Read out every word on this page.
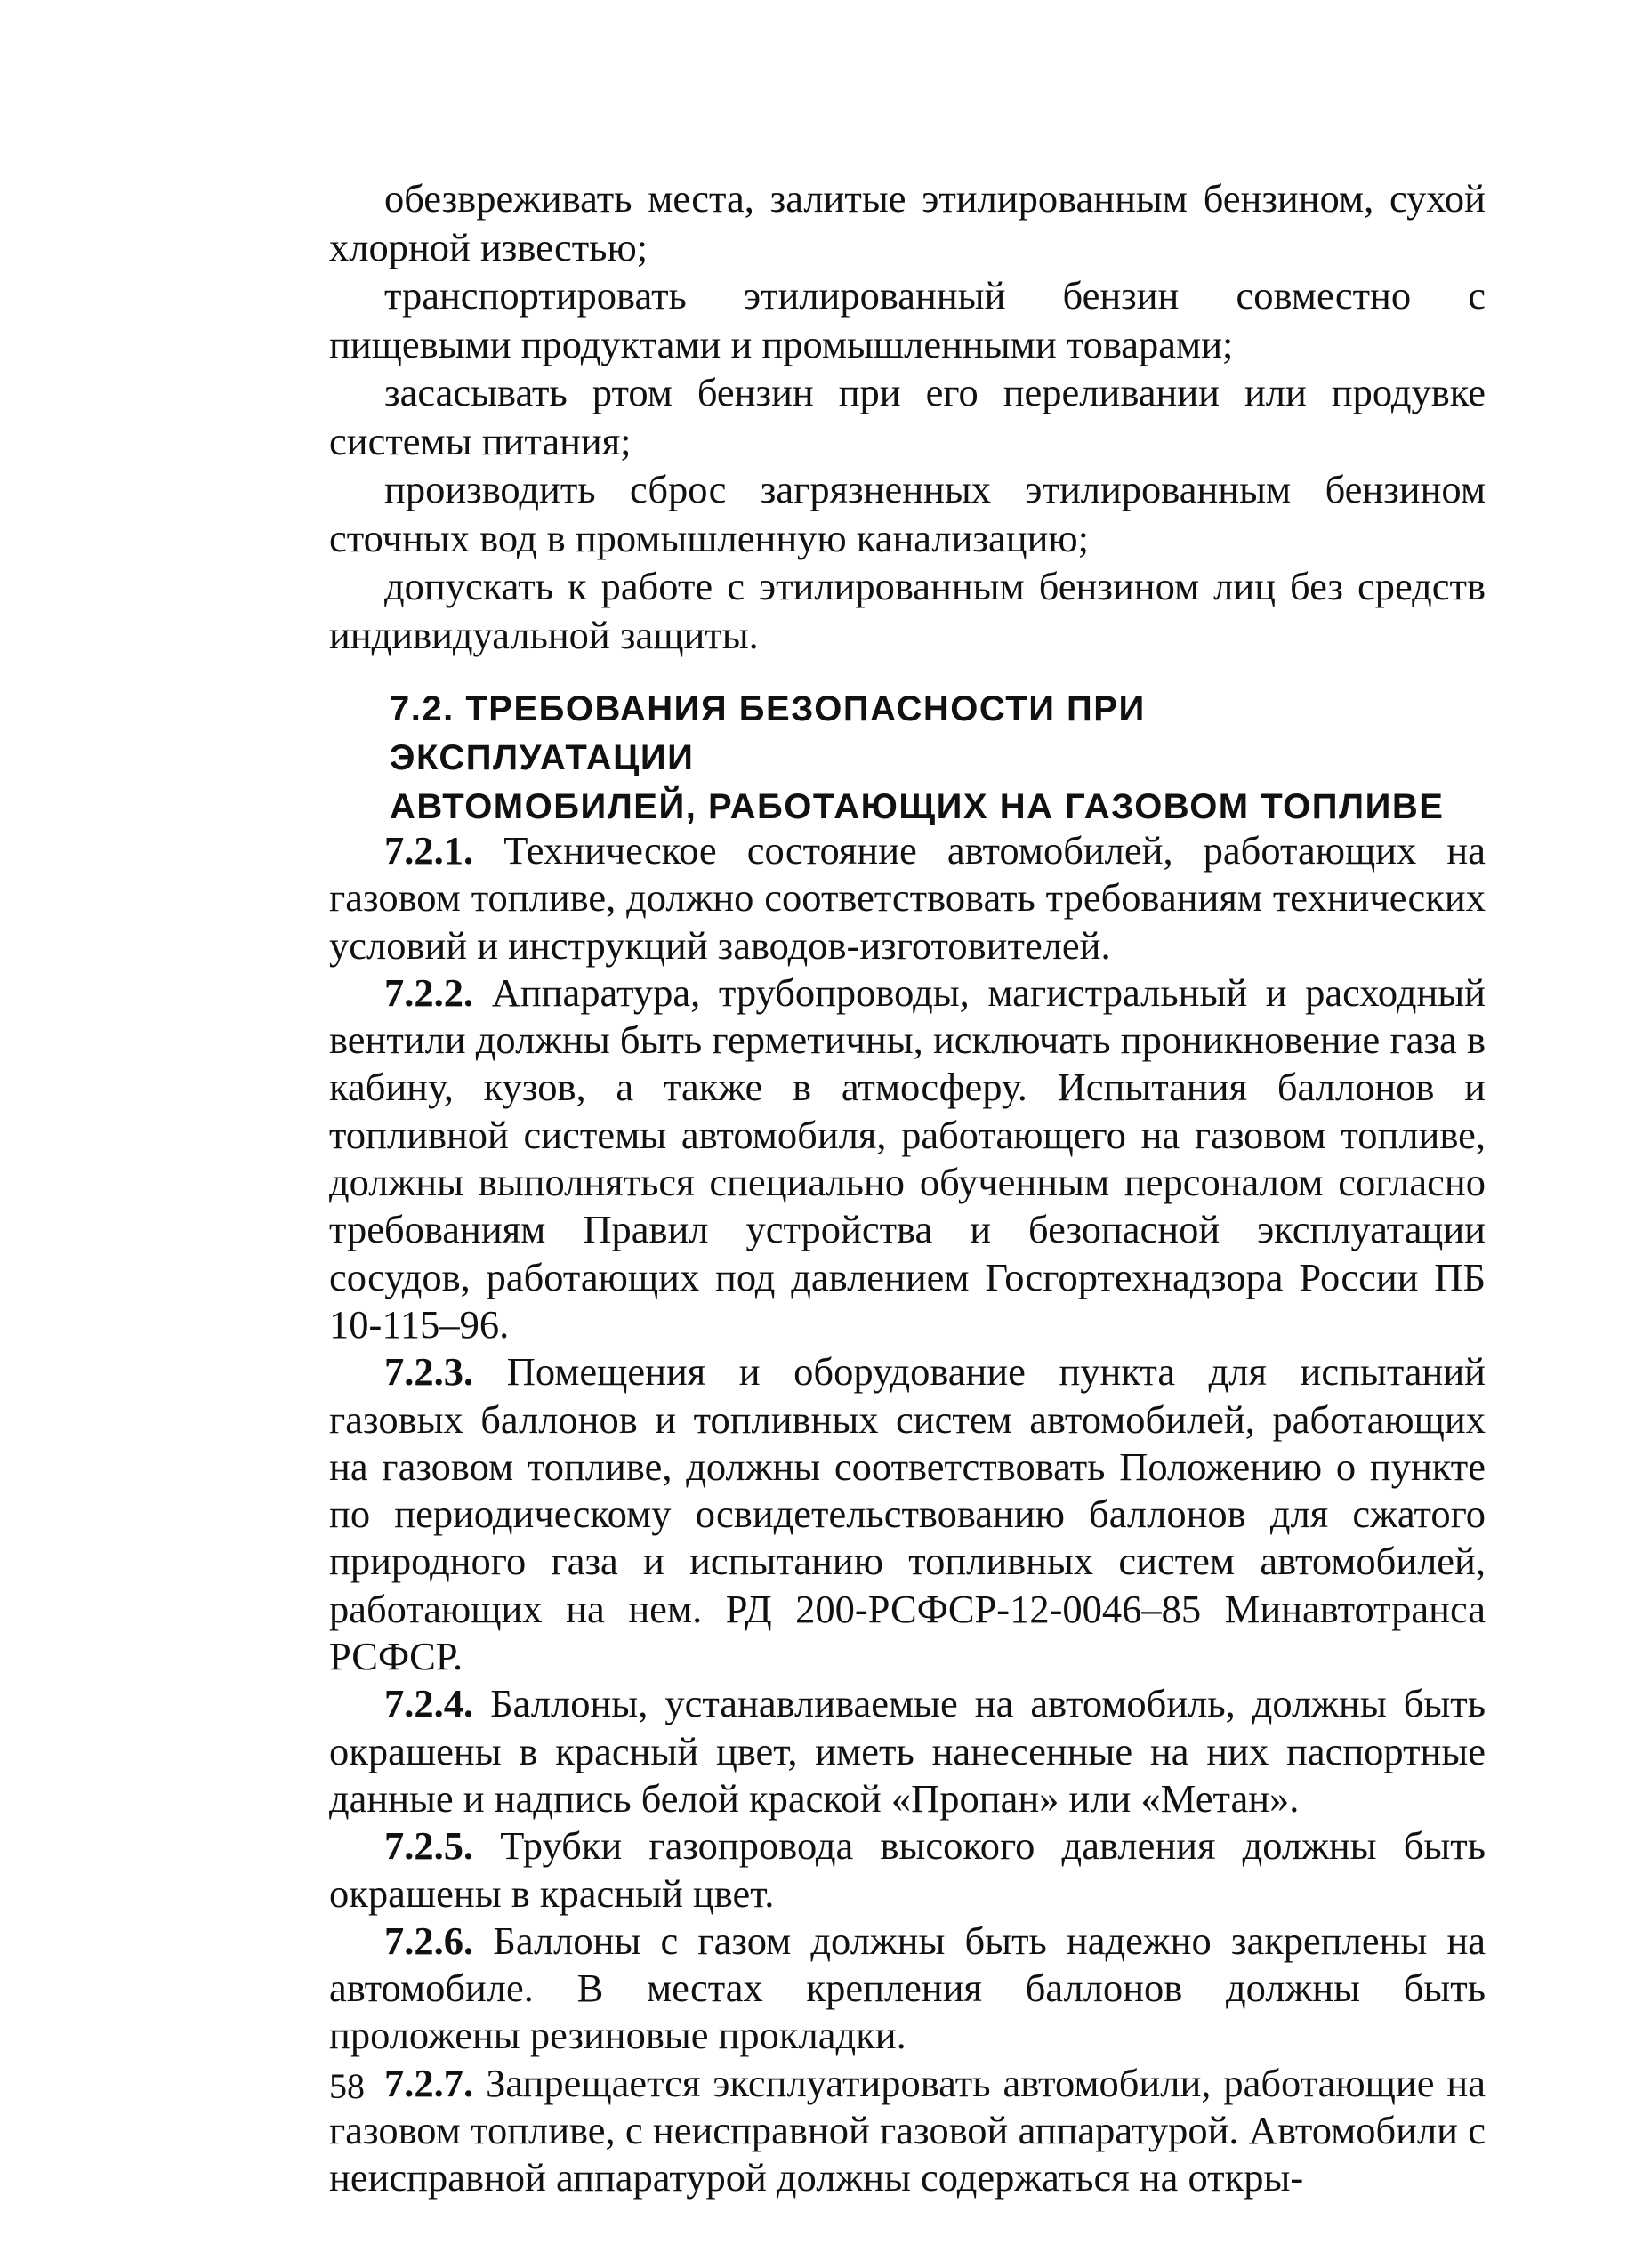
обезвреживать места, залитые этилированным бензином, сухой хлорной известью;

транспортировать этилированный бензин совместно с пищевыми продуктами и промышленными товарами;

засасывать ртом бензин при его переливании или продувке системы питания;

производить сброс загрязненных этилированным бензином сточных вод в промышленную канализацию;

допускать к работе с этилированным бензином лиц без средств индивидуальной защиты.

7.2. ТРЕБОВАНИЯ БЕЗОПАСНОСТИ ПРИ ЭКСПЛУАТАЦИИ
АВТОМОБИЛЕЙ, РАБОТАЮЩИХ НА ГАЗОВОМ ТОПЛИВЕ

7.2.1. Техническое состояние автомобилей, работающих на газовом топливе, должно соответствовать требованиям технических условий и инструкций заводов-изготовителей.

7.2.2. Аппаратура, трубопроводы, магистральный и расходный вентили должны быть герметичны, исключать проникновение газа в кабину, кузов, а также в атмосферу. Испытания баллонов и топливной системы автомобиля, работающего на газовом топливе, должны выполняться специально обученным персоналом согласно требованиям Правил устройства и безопасной эксплуатации сосудов, работающих под давлением Госгортехнадзора России ПБ 10-115–96.

7.2.3. Помещения и оборудование пункта для испытаний газовых баллонов и топливных систем автомобилей, работающих на газовом топливе, должны соответствовать Положению о пункте по периодическому освидетельствованию баллонов для сжатого природного газа и испытанию топливных систем автомобилей, работающих на нем. РД 200-РСФСР-12-0046–85 Минавтотранса РСФСР.

7.2.4. Баллоны, устанавливаемые на автомобиль, должны быть окрашены в красный цвет, иметь нанесенные на них паспортные данные и надпись белой краской «Пропан» или «Метан».

7.2.5. Трубки газопровода высокого давления должны быть окрашены в красный цвет.

7.2.6. Баллоны с газом должны быть надежно закреплены на автомобиле. В местах крепления баллонов должны быть проложены резиновые прокладки.

7.2.7. Запрещается эксплуатировать автомобили, работающие на газовом топливе, с неисправной газовой аппаратурой. Автомобили с неисправной аппаратурой должны содержаться на откры-

58
